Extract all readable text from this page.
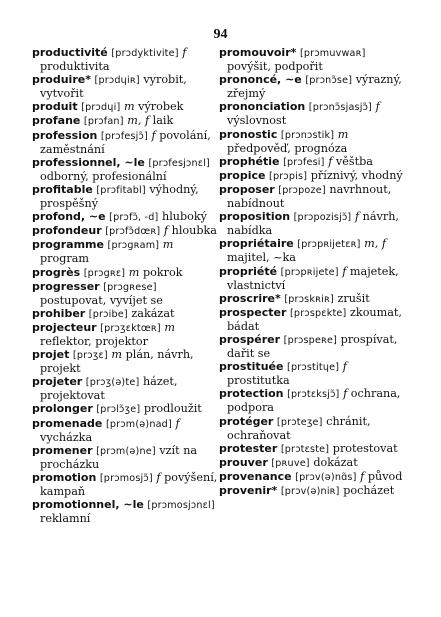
94

productivité [prɔdyktivite] f produktivita

produire* [prɔdɥiʀ] vyrobit, vytvořit

produit [prɔdɥi] m výrobek

profane [prɔfan] m, f laik

profession [prɔfesjɔ̃] f povolání, zaměstnání

professionnel, ~le [prɔfesjɔnɛl] odborný, profesionální

profitable [prɔfitabl] výhodný, prospěšný

profond, ~e [prɔfɔ̃, -d] hluboký

profondeur [prɔfɔ̃dœʀ] f hloubka

programme [prɔgʀam] m program

progrès [prɔgʀɛ] m pokrok

progresser [prɔgʀese] postupovat, vyvíjet se

prohiber [prɔibe] zakázat

projecteur [prɔʒɛktœʀ] m reflektor, projektor

projet [prɔʒɛ] m plán, návrh, projekt

projeter [prɔʒ(ə)te] házet, projektovat

prolonger [prɔlɔ̃ʒe] prodloužit

promenade [prɔm(ə)nad] f vycházka

promener [prɔm(ə)ne] vzít na procházku

promotion [prɔmosjɔ̃] f povýšení, kampaň

promotionnel, ~le [prɔmosjɔnɛl] reklamní

promouvoir* [prɔmuvwaʀ] povýšit, podpořit

prononcé, ~e [prɔnɔ̃se] výrazný, zřejmý

prononciation [prɔnɔ̃sjasjɔ̃] f výslovnost

pronostic [prɔnɔstik] m předpověď, prognóza

prophétie [prɔfesi] f věštba

propice [prɔpis] příznivý, vhodný

proposer [prɔpoze] navrhnout, nabídnout

proposition [prɔpozisjɔ̃] f návrh, nabídka

propriétaire [prɔpʀijetɛʀ] m, f majitel, ~ka

propriété [prɔpʀijete] f majetek, vlastnictví

proscrire* [prɔskʀiʀ] zrušit

prospecter [prɔspɛkte] zkoumat, bádat

prospérer [prɔspeʀe] prospívat, dařit se

prostituée [prɔstitɥe] f prostitutka

protection [prɔtɛksjɔ̃] f ochrana, podpora

protéger [prɔteʒe] chránit, ochraňovat

protester [prɔtɛste] protestovat

prouver [pʀuve] dokázat

provenance [prɔv(ə)nɑ̃s] f původ

provenir* [prɔv(ə)niʀ] pocházet
